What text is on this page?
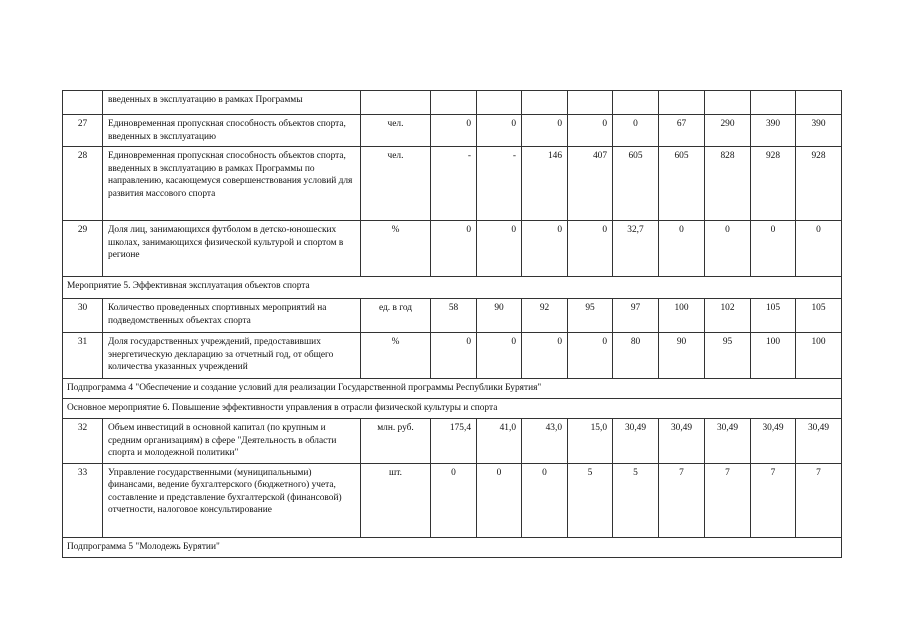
	введенных в эксплуатацию в рамках Программы										
27	Единовременная пропускная способность объектов спорта, введенных в эксплуатацию	чел.	0	0	0	0	0	67	290	390	390
28	Единовременная пропускная способность объектов спорта, введенных в эксплуатацию в рамках Программы по направлению, касающемуся совершенствования условий для развития массового спорта	чел.	-	-	146	407	605	605	828	928	928
29	Доля лиц, занимающихся футболом в детско-юношеских школах, занимающихся физической культурой и спортом в регионе	%	0	0	0	0	32,7	0	0	0	0
Мероприятие 5. Эффективная эксплуатация объектов спорта											
30	Количество проведенных спортивных мероприятий на подведомственных объектах спорта	ед. в год	58	90	92	95	97	100	102	105	105
31	Доля государственных учреждений, предоставивших энергетическую декларацию за отчетный год, от общего количества указанных учреждений	%	0	0	0	0	80	90	95	100	100
Подпрограмма 4 "Обеспечение и создание условий для реализации Государственной программы Республики Бурятия"											
Основное мероприятие 6. Повышение эффективности управления в отрасли физической культуры и спорта											
32	Объем инвестиций в основной капитал (по крупным и средним организациям) в сфере "Деятельность в области спорта и молодежной политики"	млн. руб.	175,4	41,0	43,0	15,0	30,49	30,49	30,49	30,49	30,49
33	Управление государственными (муниципальными) финансами, ведение бухгалтерского (бюджетного) учета, составление и представление бухгалтерской (финансовой) отчетности, налоговое консультирование	шт.	0	0	0	5	5	7	7	7	7
Подпрограмма 5 "Молодежь Бурятии"											
